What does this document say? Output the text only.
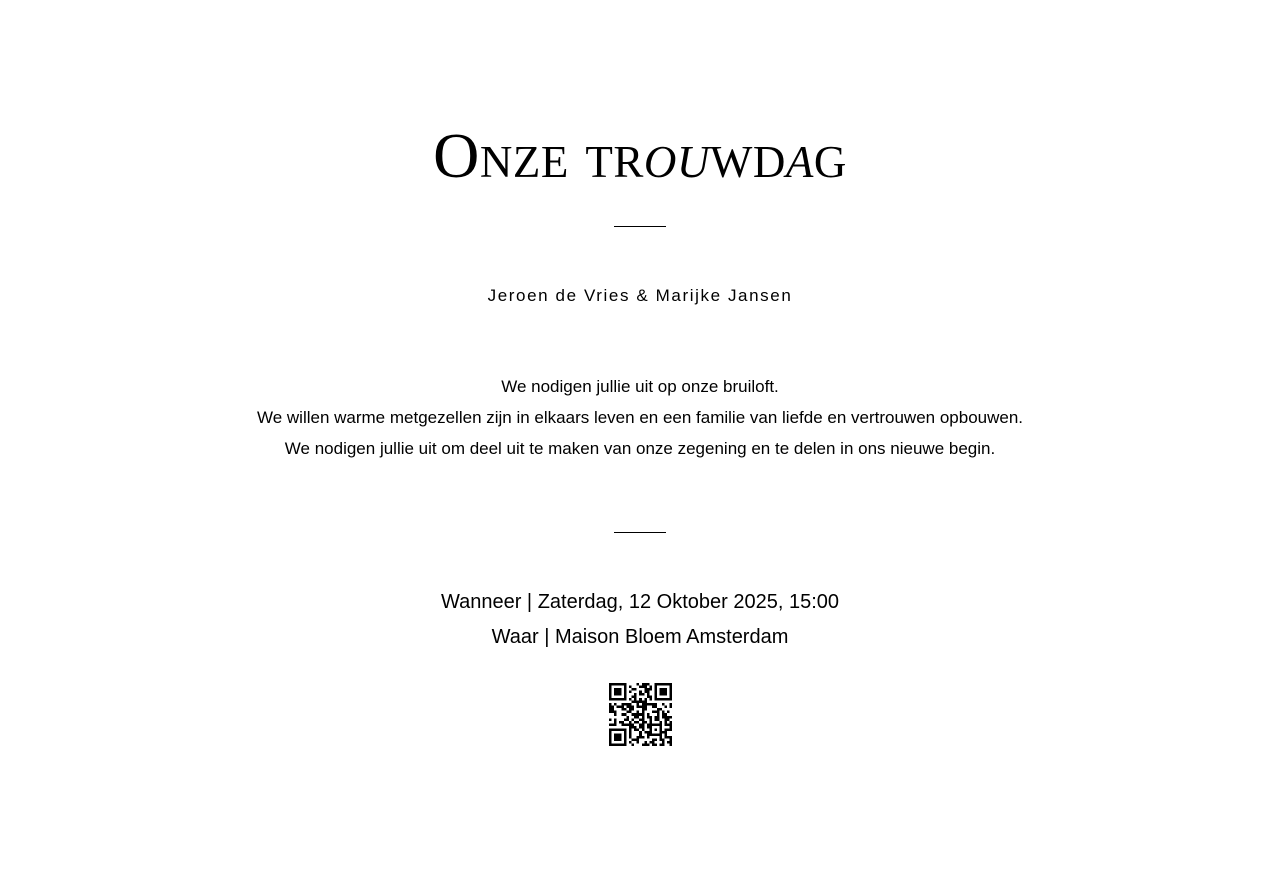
Onze trouwdag
Jeroen de Vries & Marijke Jansen
We nodigen jullie uit op onze bruiloft.
We willen warme metgezellen zijn in elkaars leven en een familie van liefde en vertrouwen opbouwen.
We nodigen jullie uit om deel uit te maken van onze zegening en te delen in ons nieuwe begin.
Wanneer | Zaterdag, 12 Oktober 2025, 15:00
Waar | Maison Bloem Amsterdam
